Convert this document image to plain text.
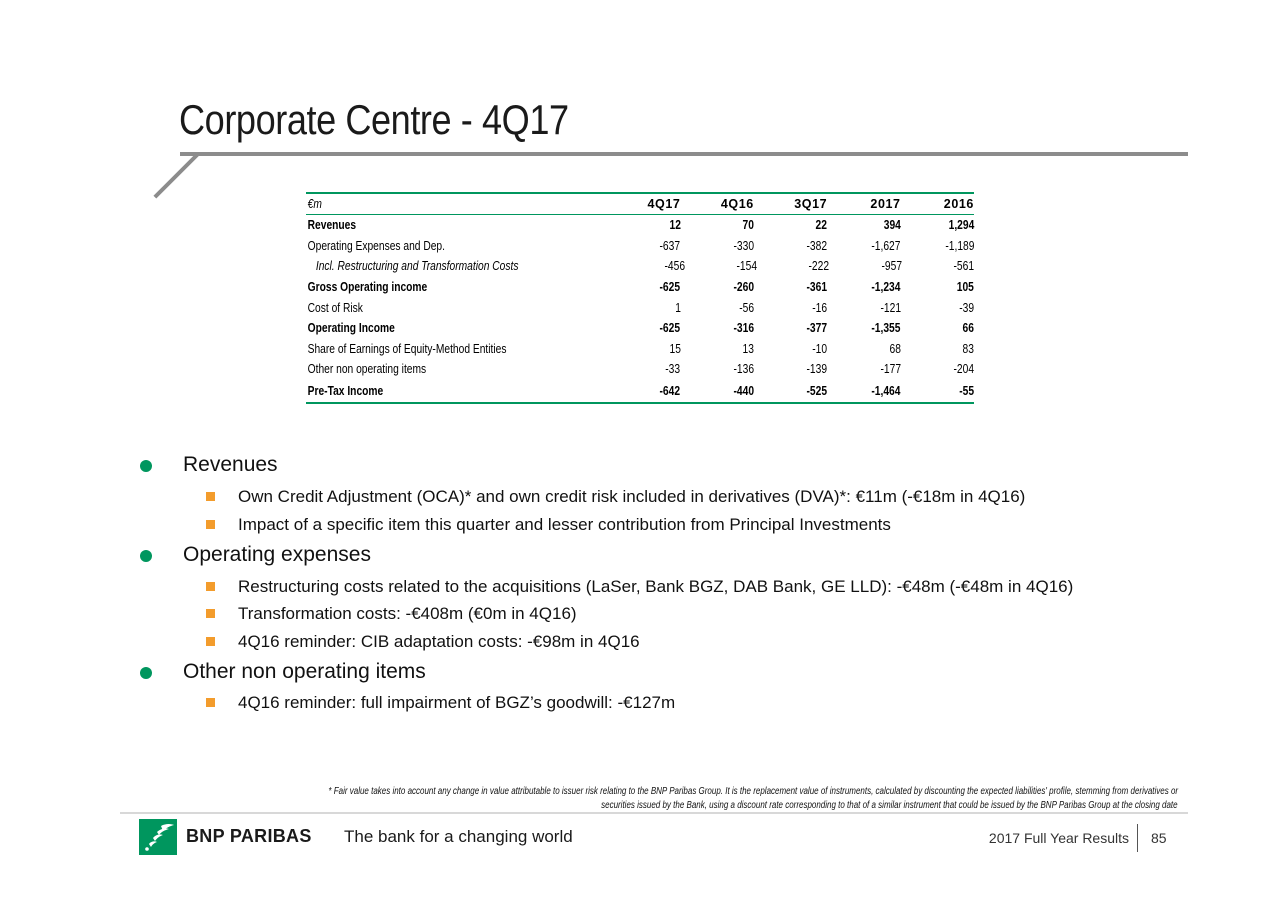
Corporate Centre - 4Q17
€m	4Q17	4Q16	3Q17	2017	2016
Revenues	12	70	22	394	1,294
Operating Expenses and Dep.	-637	-330	-382	-1,627	-1,189
Incl. Restructuring and Transformation Costs	-456	-154	-222	-957	-561
Gross Operating income	-625	-260	-361	-1,234	105
Cost of Risk	1	-56	-16	-121	-39
Operating Income	-625	-316	-377	-1,355	66
Share of Earnings of Equity-Method Entities	15	13	-10	68	83
Other non operating items	-33	-136	-139	-177	-204
Pre-Tax Income	-642	-440	-525	-1,464	-55
Revenues
Own Credit Adjustment (OCA)* and own credit risk included in derivatives (DVA)*: €11m (-€18m in 4Q16)
Impact of a specific item this quarter and lesser contribution from Principal Investments
Operating expenses
Restructuring costs related to the acquisitions (LaSer, Bank BGZ, DAB Bank, GE LLD): -€48m (-€48m in 4Q16)
Transformation costs: -€408m (€0m in 4Q16)
4Q16 reminder: CIB adaptation costs: -€98m in 4Q16
Other non operating items
4Q16 reminder: full impairment of BGZ’s goodwill: -€127m
* Fair value takes into account any change in value attributable to issuer risk relating to the BNP Paribas Group. It is the replacement value of instruments, calculated by discounting the expected liabilities' profile, stemming from derivatives or
securities issued by the Bank, using a discount rate corresponding to that of a similar instrument that could be issued by the BNP Paribas Group at the closing date
BNP PARIBAS The bank for a changing world	2017 Full Year Results 85
